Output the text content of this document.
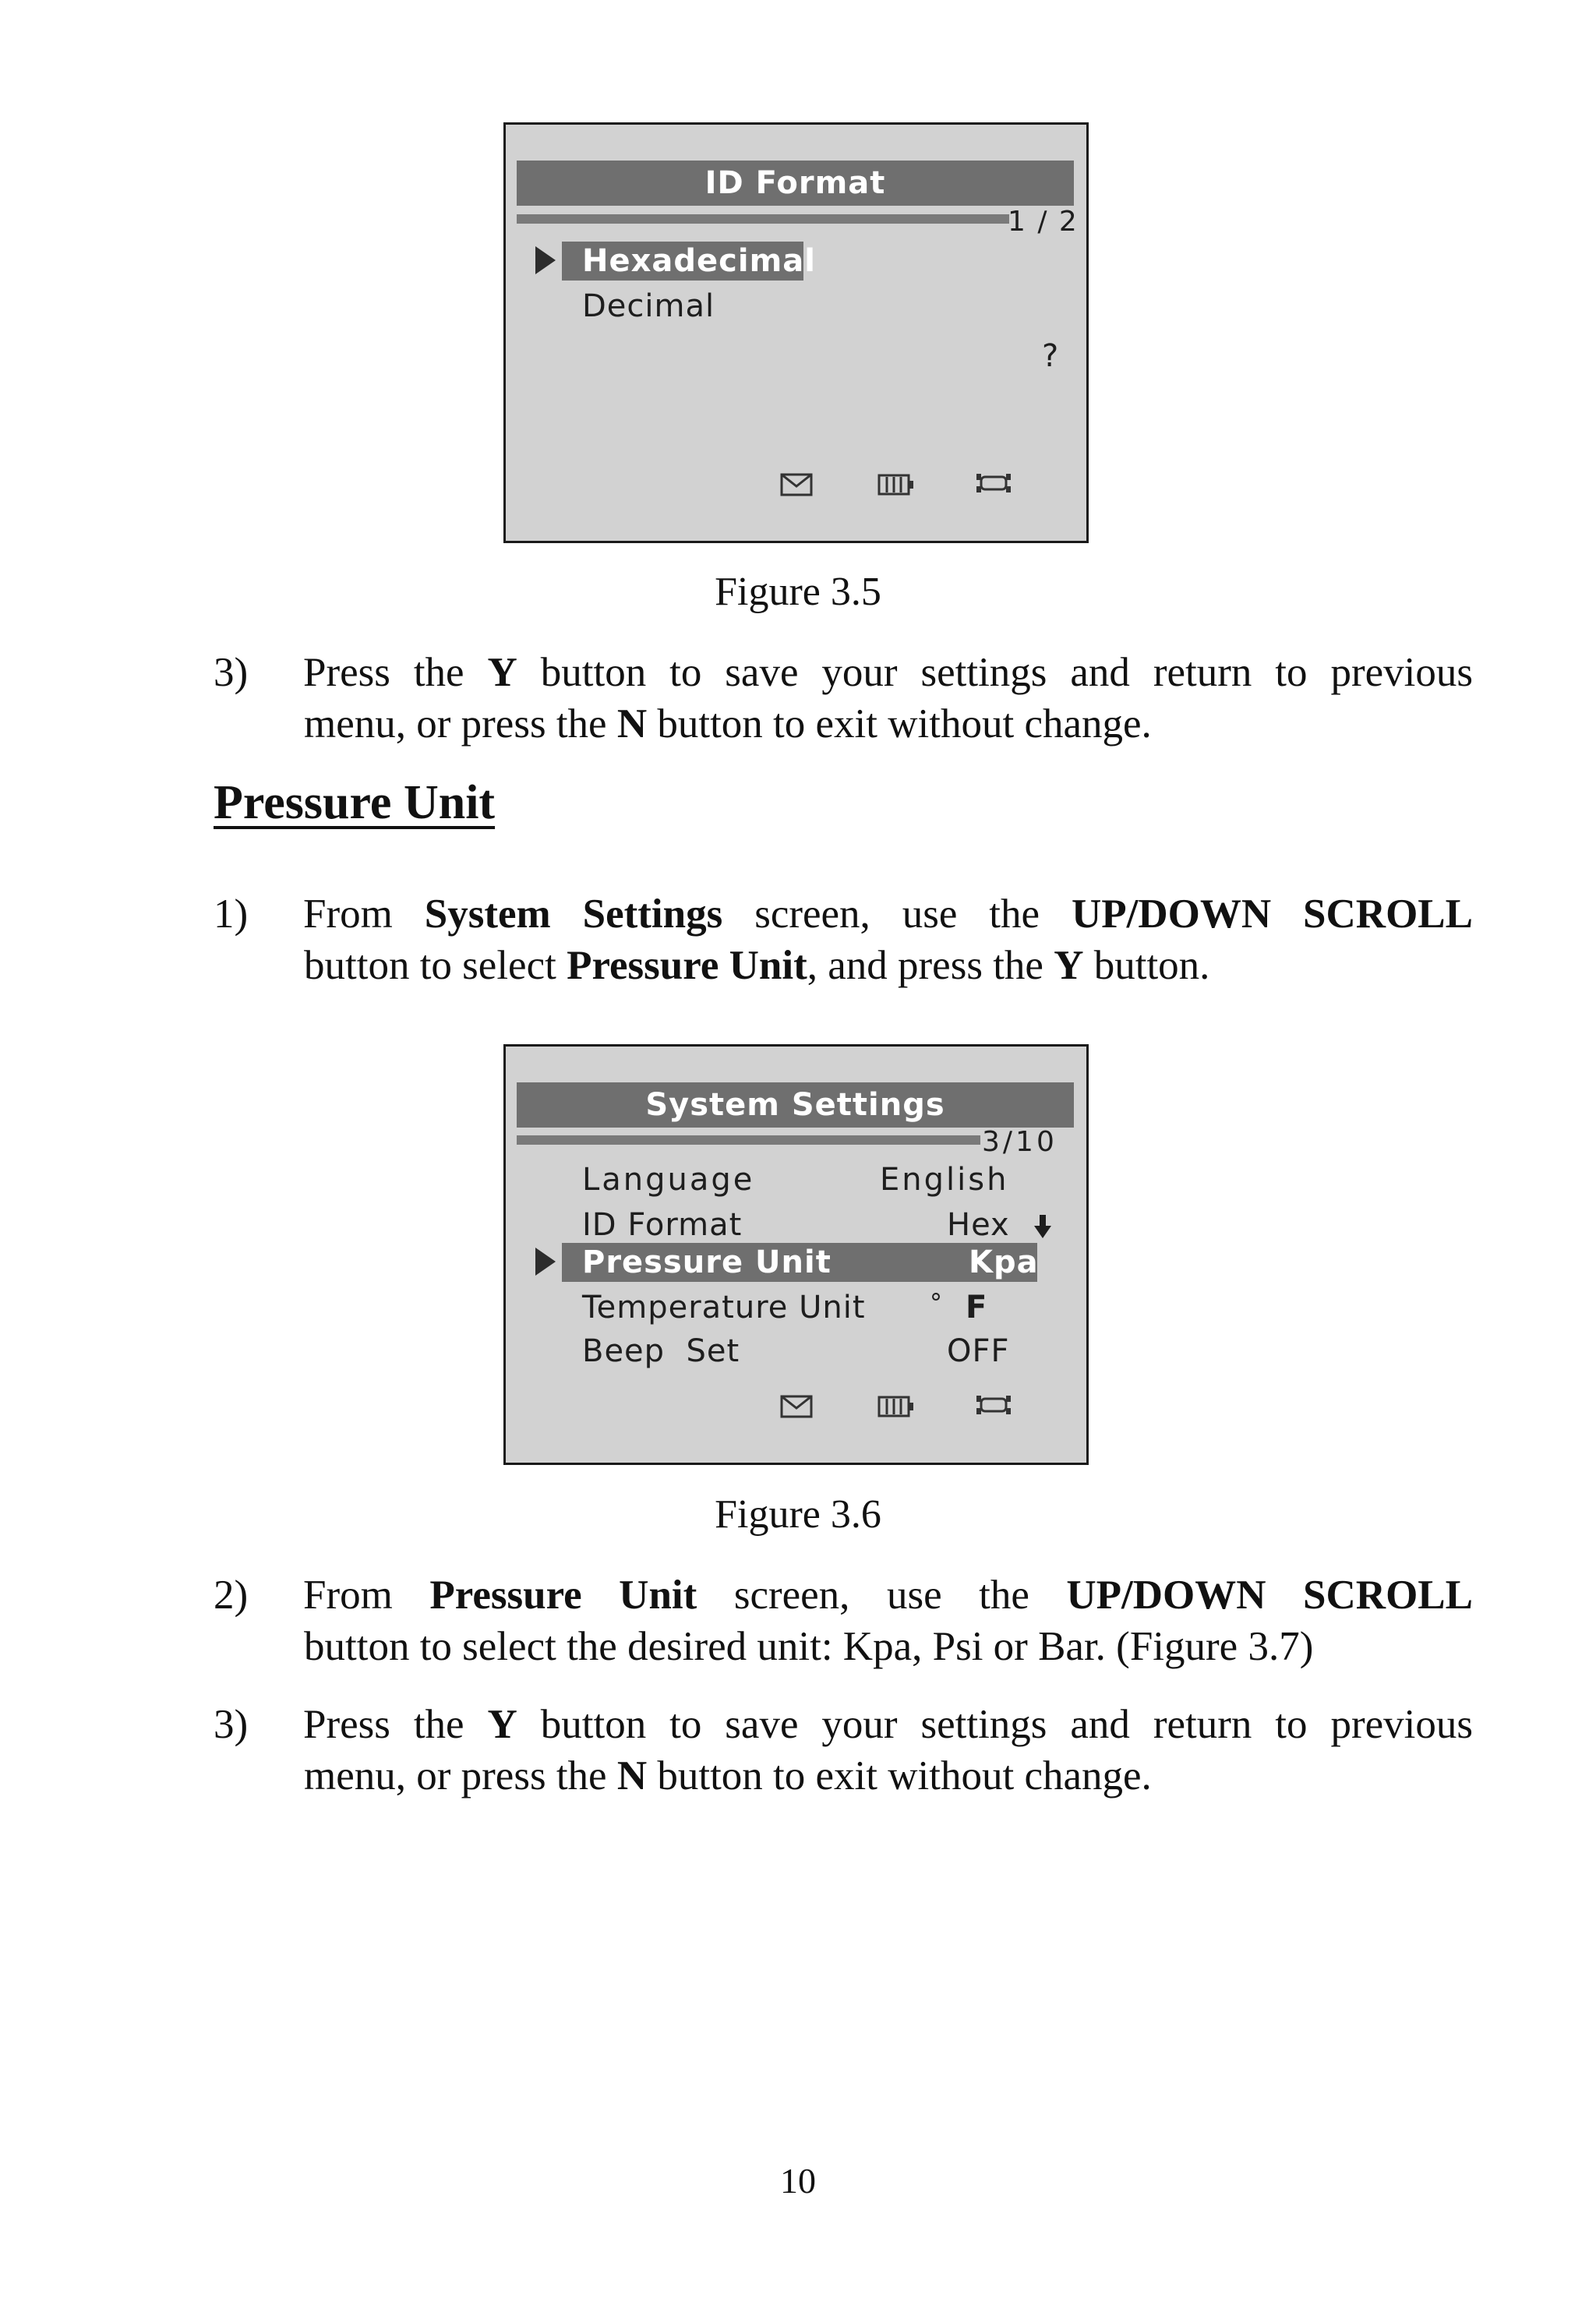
ID Format
1 / 2
Hexadecimal
Decimal
?
Figure 3.5
3) Press the Y button to save your settings and return to previous
menu, or press the N button to exit without change.
Pressure Unit
1) From System Settings screen, use the UP/DOWN SCROLL
button to select Pressure Unit, and press the Y button.
System Settings
3/10
Language	English
ID Format	Hex
Pressure Unit	Kpa
Temperature Unit	° F
Beep  Set	OFF
Figure 3.6
2) From Pressure Unit screen, use the UP/DOWN SCROLL
button to select the desired unit: Kpa, Psi or Bar. (Figure 3.7)
3) Press the Y button to save your settings and return to previous
menu, or press the N button to exit without change.
10
